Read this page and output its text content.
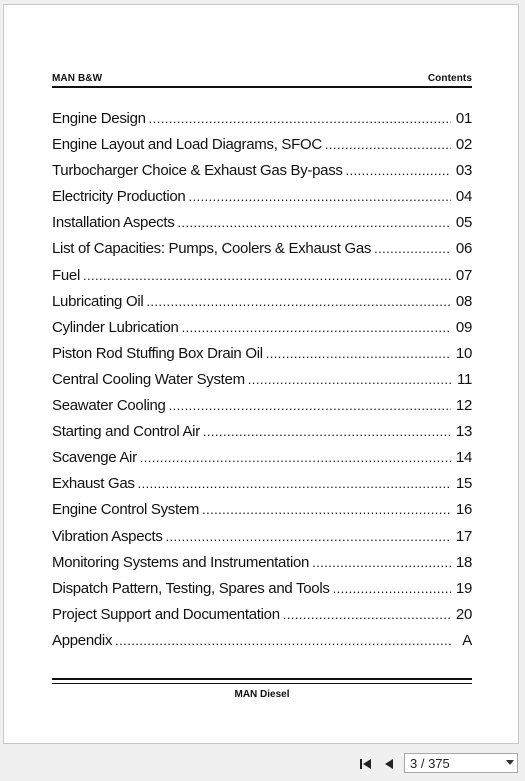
MAN B&W	Contents
Engine Design .....	01
Engine Layout and Load Diagrams, SFOC .....	02
Turbocharger Choice & Exhaust Gas By-pass .....	03
Electricity Production .....	04
Installation Aspects .....	05
List of Capacities: Pumps, Coolers & Exhaust Gas .....	06
Fuel .....	07
Lubricating Oil .....	08
Cylinder Lubrication .....	09
Piston Rod Stuffing Box Drain Oil .....	10
Central Cooling Water System .....	11
Seawater Cooling .....	12
Starting and Control Air .....	13
Scavenge Air .....	14
Exhaust Gas .....	15
Engine Control System .....	16
Vibration Aspects .....	17
Monitoring Systems and Instrumentation .....	18
Dispatch Pattern, Testing, Spares and Tools .....	19
Project Support and Documentation .....	20
Appendix .....	A
MAN Diesel
3 / 375
